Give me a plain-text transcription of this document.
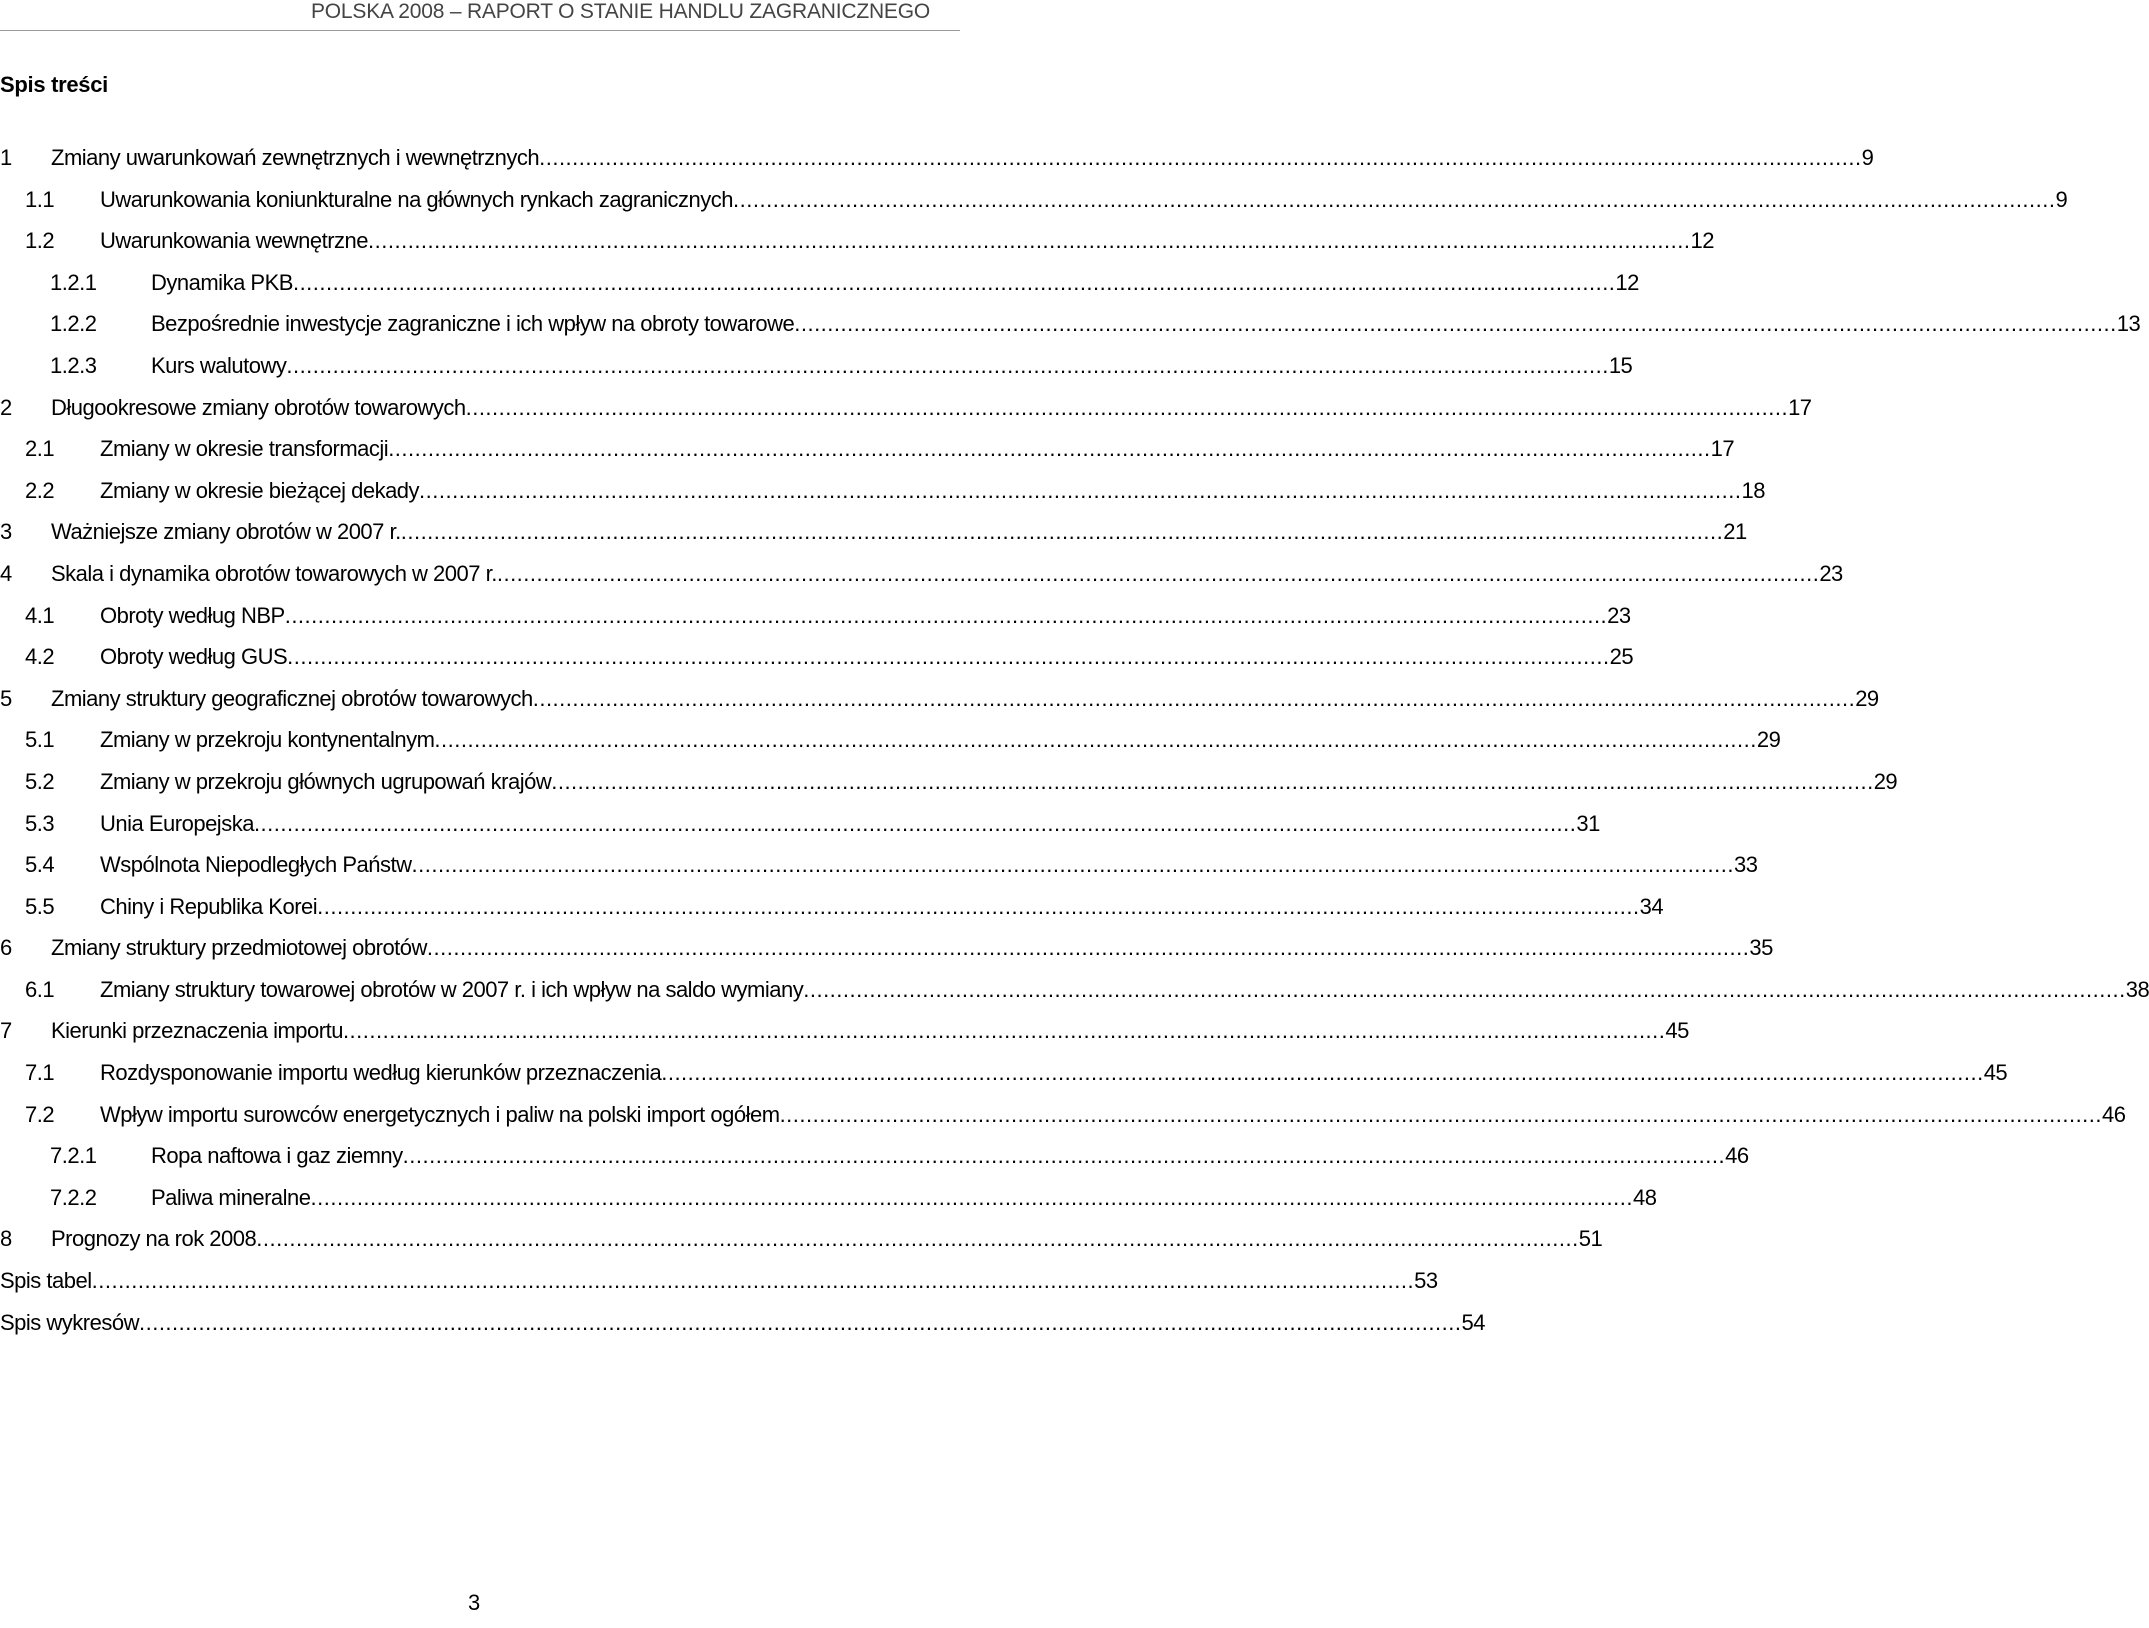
POLSKA 2008 – RAPORT O STANIE HANDLU ZAGRANICZNEGO
Spis treści
1 Zmiany uwarunkowań zewnętrznych i wewnętrznych ........................................................................................................................................................................................................ 9
1.1 Uwarunkowania koniunkturalne na głównych rynkach zagranicznych ........................................................................................................................................................................................................ 9
1.2 Uwarunkowania wewnętrzne ........................................................................................................................................................................................................ 12
1.2.1 Dynamika PKB ........................................................................................................................................................................................................ 12
1.2.2 Bezpośrednie inwestycje zagraniczne i ich wpływ na obroty towarowe ........................................................................................................................................................................................................ 13
1.2.3 Kurs walutowy ........................................................................................................................................................................................................ 15
2 Długookresowe zmiany obrotów towarowych ........................................................................................................................................................................................................ 17
2.1 Zmiany w okresie transformacji ........................................................................................................................................................................................................ 17
2.2 Zmiany w okresie bieżącej dekady ........................................................................................................................................................................................................ 18
3 Ważniejsze zmiany obrotów w 2007 r. ........................................................................................................................................................................................................ 21
4 Skala i dynamika obrotów towarowych w 2007 r. ........................................................................................................................................................................................................ 23
4.1 Obroty według NBP ........................................................................................................................................................................................................ 23
4.2 Obroty według GUS ........................................................................................................................................................................................................ 25
5 Zmiany struktury geograficznej obrotów towarowych ........................................................................................................................................................................................................ 29
5.1 Zmiany w przekroju kontynentalnym ........................................................................................................................................................................................................ 29
5.2 Zmiany w przekroju głównych ugrupowań krajów ........................................................................................................................................................................................................ 29
5.3 Unia Europejska ........................................................................................................................................................................................................ 31
5.4 Wspólnota Niepodległych Państw ........................................................................................................................................................................................................ 33
5.5 Chiny i Republika Korei ........................................................................................................................................................................................................ 34
6 Zmiany struktury przedmiotowej obrotów ........................................................................................................................................................................................................ 35
6.1 Zmiany struktury towarowej obrotów w 2007 r. i ich wpływ na saldo wymiany ........................................................................................................................................................................................................ 38
7 Kierunki przeznaczenia importu ........................................................................................................................................................................................................ 45
7.1 Rozdysponowanie importu według kierunków przeznaczenia ........................................................................................................................................................................................................ 45
7.2 Wpływ importu surowców energetycznych i paliw na polski import ogółem ........................................................................................................................................................................................................ 46
7.2.1 Ropa naftowa i gaz ziemny ........................................................................................................................................................................................................ 46
7.2.2 Paliwa mineralne ........................................................................................................................................................................................................ 48
8 Prognozy na rok 2008 ........................................................................................................................................................................................................ 51
Spis tabel ........................................................................................................................................................................................................ 53
Spis wykresów ........................................................................................................................................................................................................ 54
3
